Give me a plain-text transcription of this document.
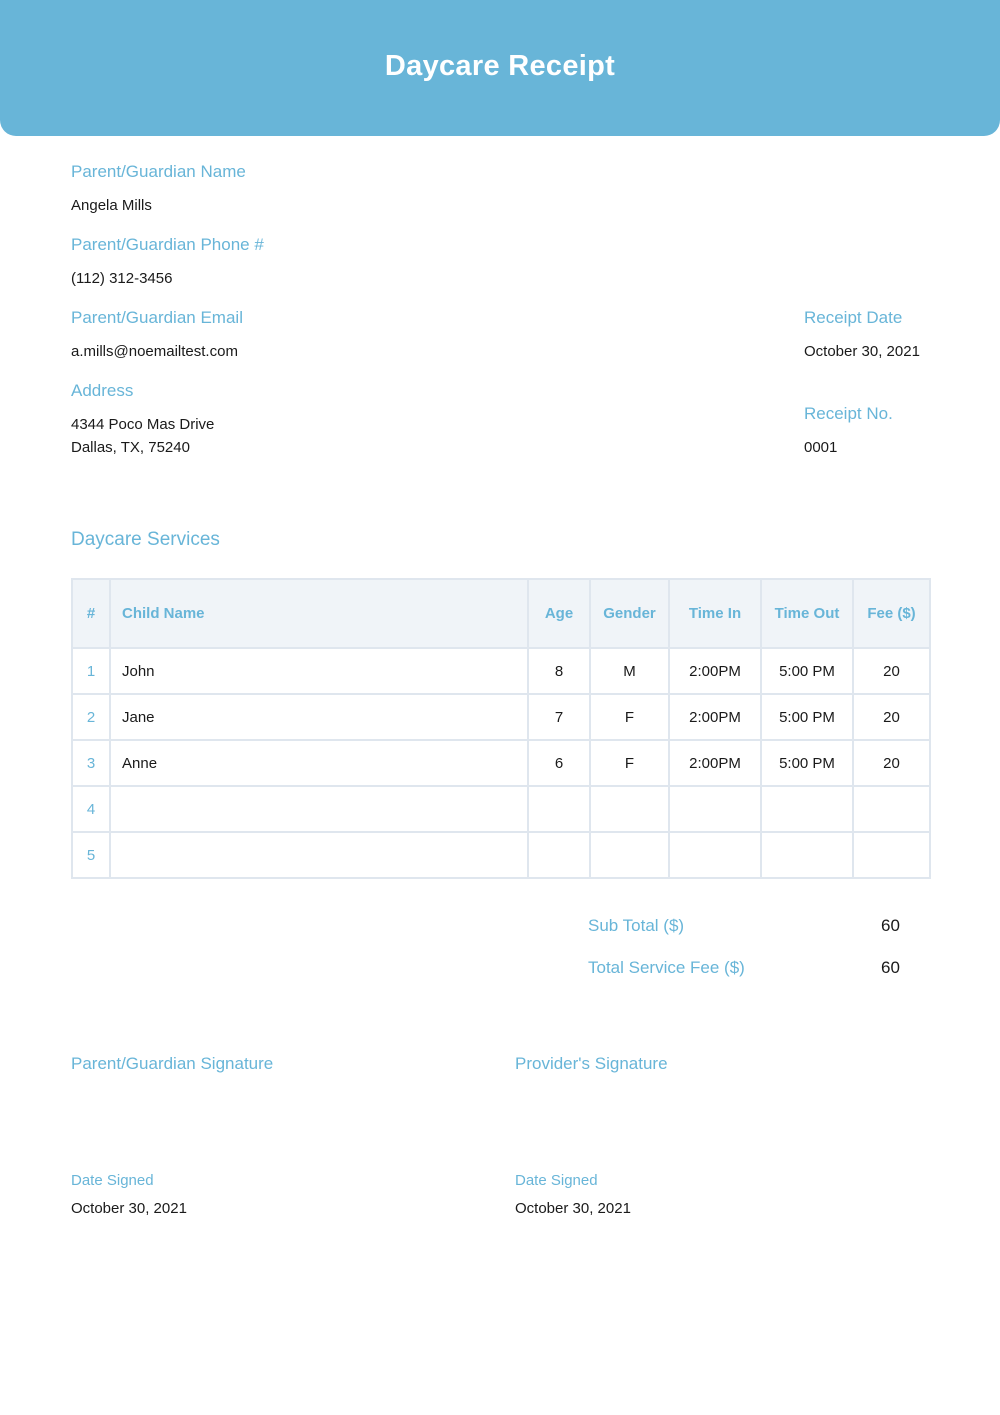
Daycare Receipt
Parent/Guardian Name
Angela Mills
Parent/Guardian Phone #
(112) 312-3456
Parent/Guardian Email
a.mills@noemailtest.com
Address
4344 Poco Mas Drive
Dallas, TX, 75240
Receipt Date
October 30, 2021
Receipt No.
0001
Daycare Services
#	Child Name	Age	Gender	Time In	Time Out	Fee ($)
1	John	8	M	2:00PM	5:00 PM	20
2	Jane	7	F	2:00PM	5:00 PM	20
3	Anne	6	F	2:00PM	5:00 PM	20
4						
5						
Sub Total ($)	60
Total Service Fee ($)	60
Parent/Guardian Signature	Provider's Signature
Date Signed
October 30, 2021
Date Signed
October 30, 2021
